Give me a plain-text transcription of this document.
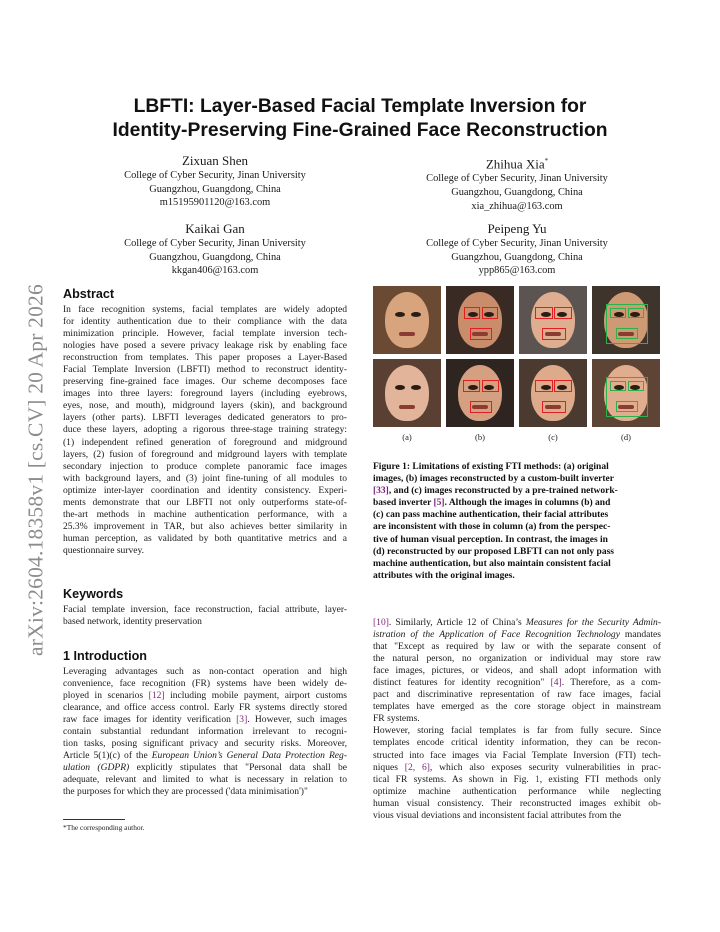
arXiv:2604.18358v1 [cs.CV] 20 Apr 2026
LBFTI: Layer-Based Facial Template Inversion for
Identity-Preserving Fine-Grained Face Reconstruction
Zixuan Shen
College of Cyber Security, Jinan University
Guangzhou, Guangdong, China
m15195901120@163.com
Zhihua Xia*
College of Cyber Security, Jinan University
Guangzhou, Guangdong, China
xia_zhihua@163.com
Kaikai Gan
College of Cyber Security, Jinan University
Guangzhou, Guangdong, China
kkgan406@163.com
Peipeng Yu
College of Cyber Security, Jinan University
Guangzhou, Guangdong, China
ypp865@163.com
Abstract
In face recognition systems, facial templates are widely adopted
for identity authentication due to their compliance with the data
minimization principle. However, facial template inversion tech-
nologies have posed a severe privacy leakage risk by enabling face
reconstruction from templates. This paper proposes a Layer-Based
Facial Template Inversion (LBFTI) method to reconstruct identity-
preserving fine-grained face images. Our scheme decomposes face
images into three layers: foreground layers (including eyebrows,
eyes, nose, and mouth), midground layers (skin), and background
layers (other parts). LBFTI leverages dedicated generators to pro-
duce these layers, adopting a rigorous three-stage training strategy:
(1) independent refined generation of foreground and midground
layers, (2) fusion of foreground and midground layers with template
secondary injection to produce complete panoramic face images
with background layers, and (3) joint fine-tuning of all modules to
optimize inter-layer coordination and identity consistency. Experi-
ments demonstrate that our LBFTI not only outperforms state-of-
the-art methods in machine authentication performance, with a
25.3% improvement in TAR, but also achieves better similarity in
human perception, as validated by both quantitative metrics and a
questionnaire survey.
Keywords
Facial template inversion, face reconstruction, facial attribute, layer-
based network, identity preservation
1 Introduction
Leveraging advantages such as non-contact operation and high
convenience, face recognition (FR) systems have been widely de-
ployed in scenarios [12] including mobile payment, airport customs
clearance, and office access control. Early FR systems directly stored
raw face images for identity verification [3]. However, such images
contain substantial redundant information irrelevant to recogni-
tion tasks, posing significant privacy and security risks. Moreover,
Article 5(1)(c) of the European Union’s General Data Protection Reg-
ulation (GDPR) explicitly stipulates that "Personal data shall be
adequate, relevant and limited to what is necessary in relation to
the purposes for which they are processed ('data minimisation')"
*The corresponding author.
(a)	(b)	(c)	(d)
Figure 1: Limitations of existing FTI methods: (a) original
images, (b) images reconstructed by a custom-built inverter
[33], and (c) images reconstructed by a pre-trained network-
based inverter [5]. Although the images in columns (b) and
(c) can pass machine authentication, their facial attributes
are inconsistent with those in column (a) from the perspec-
tive of human visual perception. In contrast, the images in
(d) reconstructed by our proposed LBFTI can not only pass
machine authentication, but also maintain consistent facial
attributes with the original images.
[10]. Similarly, Article 12 of China’s Measures for the Security Admin-
istration of the Application of Face Recognition Technology mandates
that "Except as required by law or with the separate consent of
the natural person, no organization or individual may store raw
face images, pictures, or videos, and shall adopt information with
distinct features for identity recognition" [4]. Therefore, as a com-
pact and discriminative representation of raw face images, facial
templates have emerged as the core storage object in mainstream
FR systems.
However, storing facial templates is far from fully secure. Since
templates encode critical identity information, they can be recon-
structed into face images via Facial Template Inversion (FTI) tech-
niques [2, 6], which also exposes security vulnerabilities in prac-
tical FR systems. As shown in Fig. 1, existing FTI methods only
optimize machine authentication performance while neglecting
human visual consistency. Their reconstructed images exhibit ob-
vious visual deviations and inconsistent facial attributes from the
